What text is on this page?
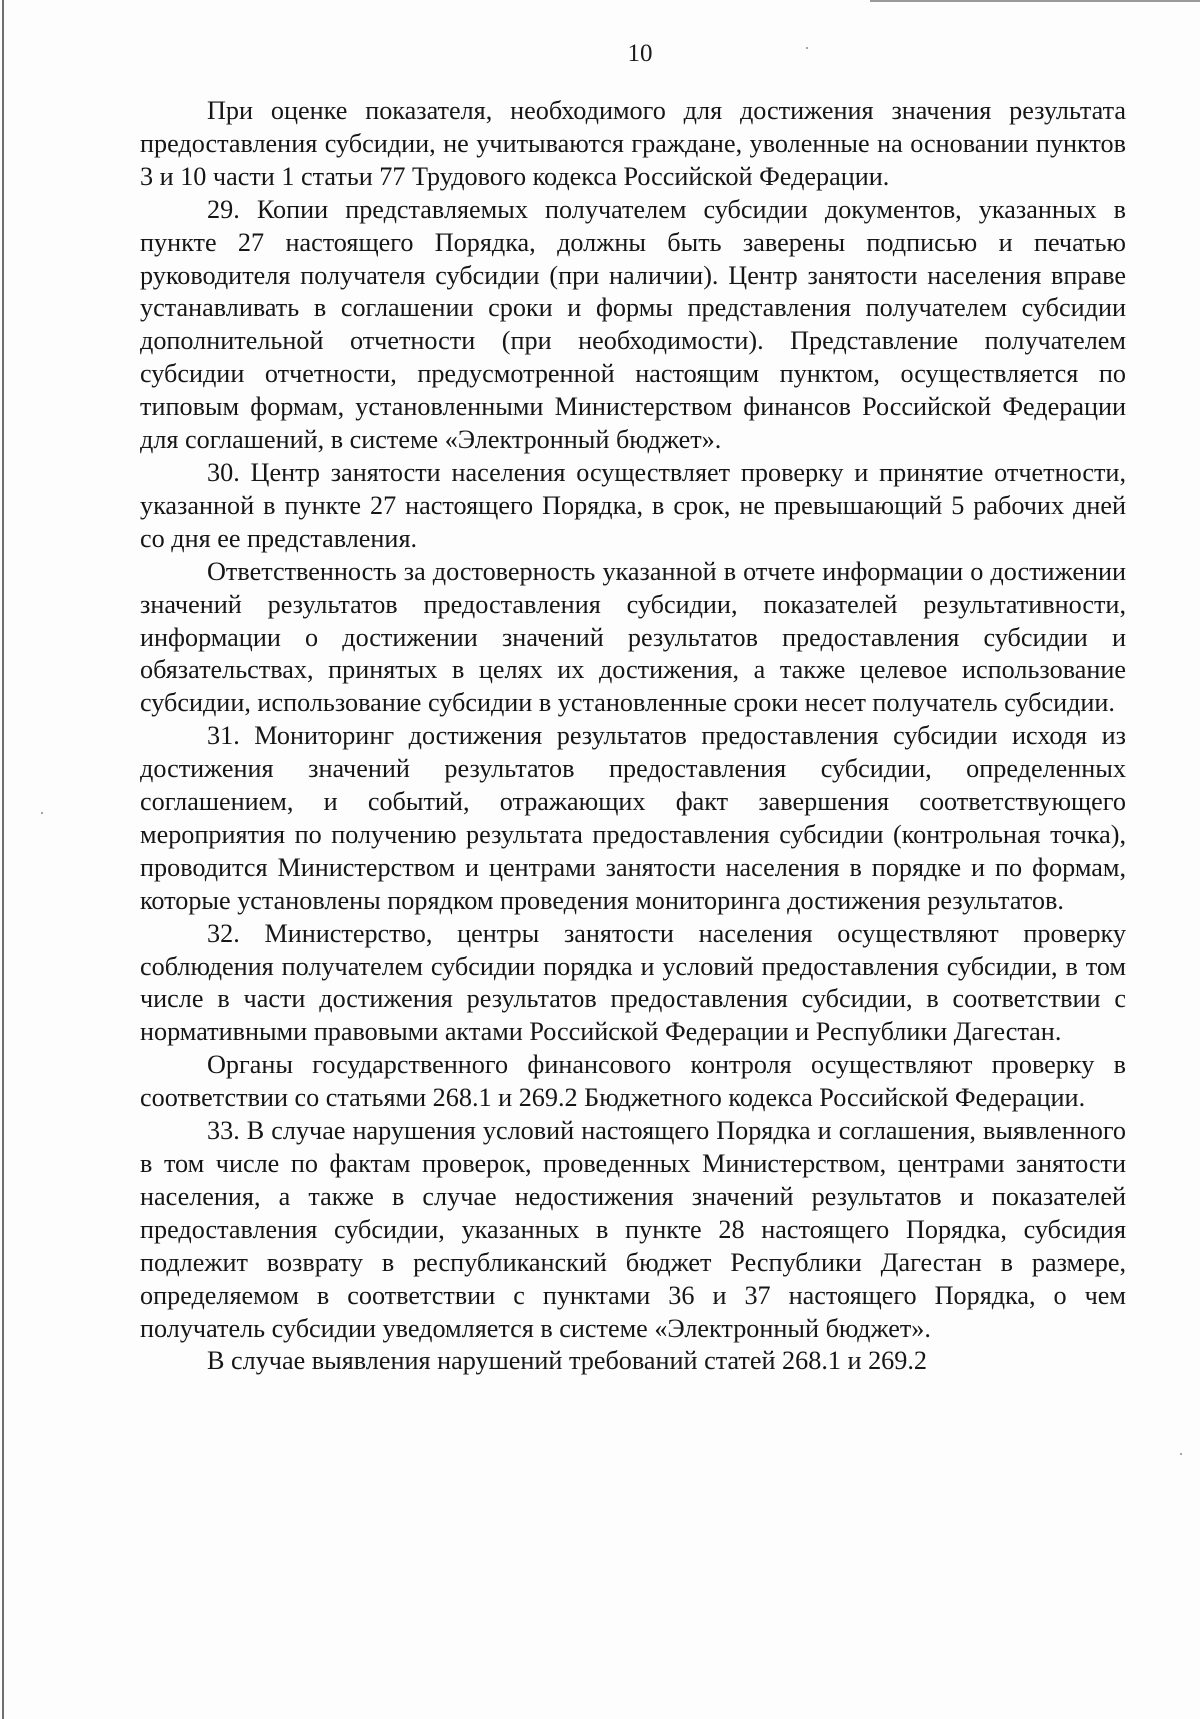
10

При оценке показателя, необходимого для достижения значения результата предоставления субсидии, не учитываются граждане, уволенные на основании пунктов 3 и 10 части 1 статьи 77 Трудового кодекса Российской Федерации.

29. Копии представляемых получателем субсидии документов, указанных в пункте 27 настоящего Порядка, должны быть заверены подписью и печатью руководителя получателя субсидии (при наличии). Центр занятости населения вправе устанавливать в соглашении сроки и формы представления получателем субсидии дополнительной отчетности (при необходимости). Представление получателем субсидии отчетности, предусмотренной настоящим пунктом, осуществляется по типовым формам, установленными Министерством финансов Российской Федерации для соглашений, в системе «Электронный бюджет».

30. Центр занятости населения осуществляет проверку и принятие отчетности, указанной в пункте 27 настоящего Порядка, в срок, не превышающий 5 рабочих дней со дня ее представления.

Ответственность за достоверность указанной в отчете информации о достижении значений результатов предоставления субсидии, показателей результативности, информации о достижении значений результатов предоставления субсидии и обязательствах, принятых в целях их достижения, а также целевое использование субсидии, использование субсидии в установленные сроки несет получатель субсидии.

31. Мониторинг достижения результатов предоставления субсидии исходя из достижения значений результатов предоставления субсидии, определенных соглашением, и событий, отражающих факт завершения соответствующего мероприятия по получению результата предоставления субсидии (контрольная точка), проводится Министерством и центрами занятости населения в порядке и по формам, которые установлены порядком проведения мониторинга достижения результатов.

32. Министерство, центры занятости населения осуществляют проверку соблюдения получателем субсидии порядка и условий предоставления субсидии, в том числе в части достижения результатов предоставления субсидии, в соответствии с нормативными правовыми актами Российской Федерации и Республики Дагестан.

Органы государственного финансового контроля осуществляют проверку в соответствии со статьями 268.1 и 269.2 Бюджетного кодекса Российской Федерации.

33. В случае нарушения условий настоящего Порядка и соглашения, выявленного в том числе по фактам проверок, проведенных Министерством, центрами занятости населения, а также в случае недостижения значений результатов и показателей предоставления субсидии, указанных в пункте 28 настоящего Порядка, субсидия подлежит возврату в республиканский бюджет Республики Дагестан в размере, определяемом в соответствии с пунктами 36 и 37 настоящего Порядка, о чем получатель субсидии уведомляется в системе «Электронный бюджет».

В случае выявления нарушений требований статей 268.1 и 269.2
